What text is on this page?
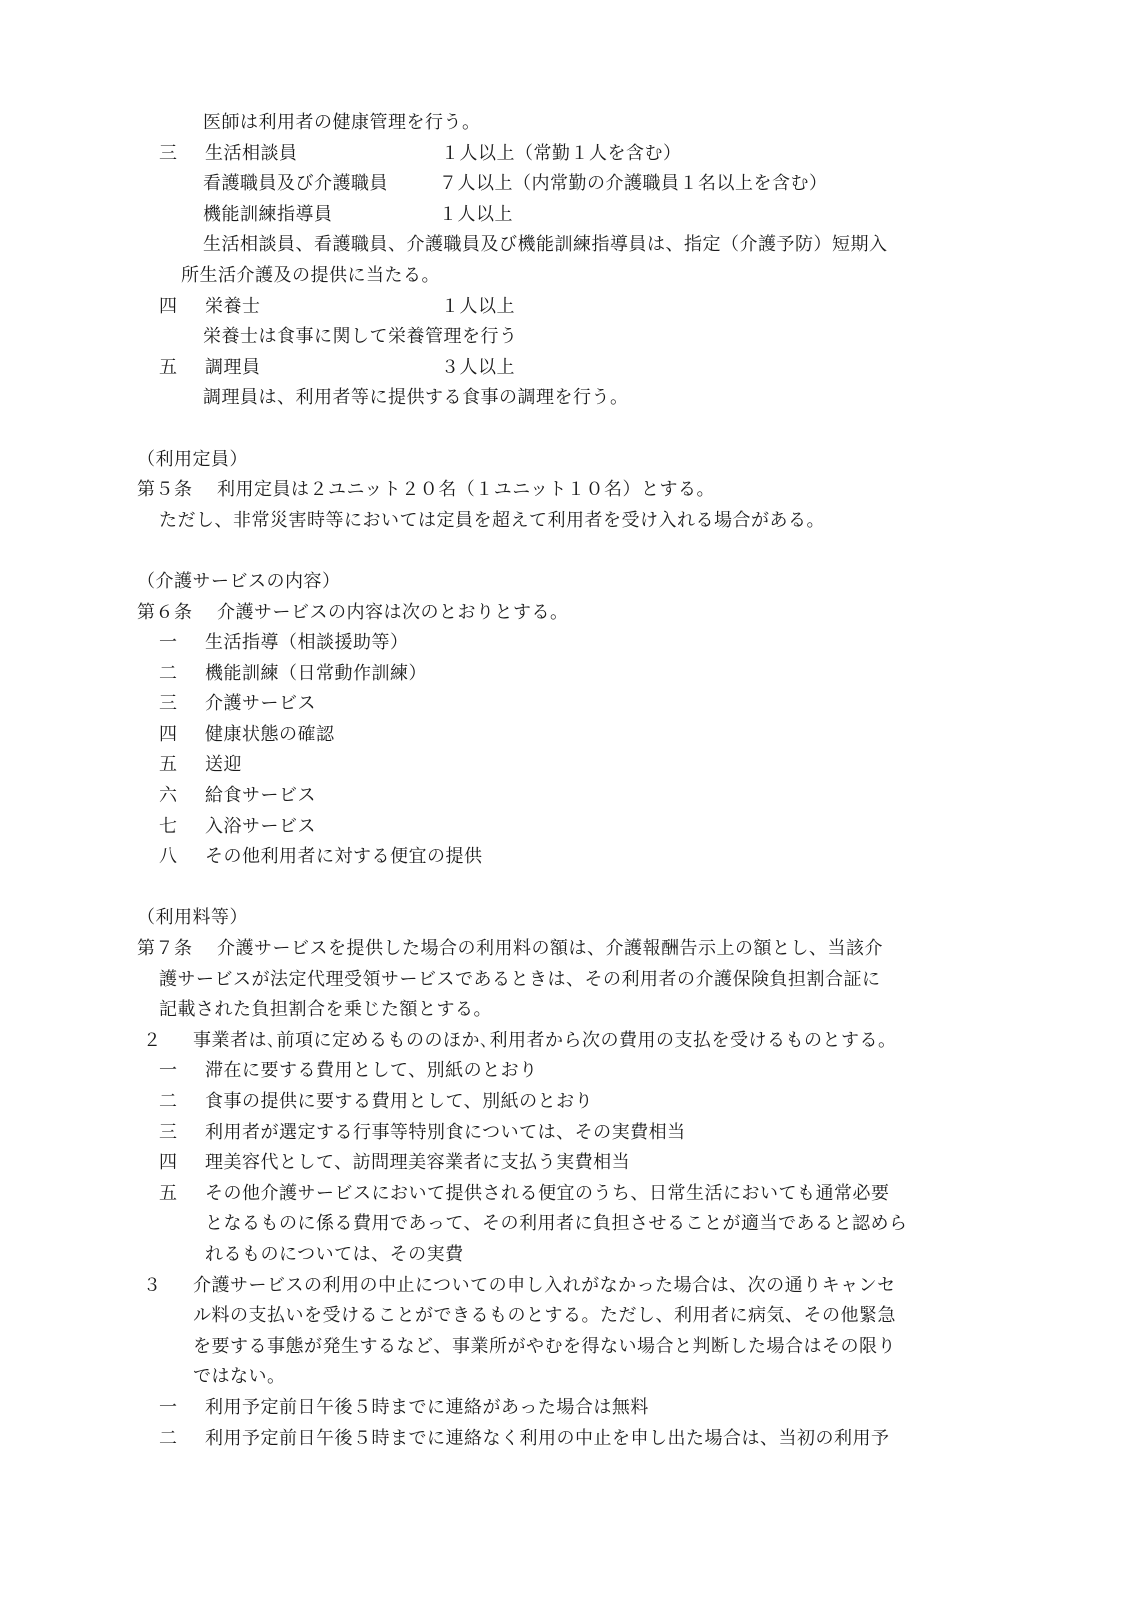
医師は利用者の健康管理を行う。
三 生活相談員	１人以上（常勤１人を含む）
看護職員及び介護職員	７人以上（内常勤の介護職員１名以上を含む）
機能訓練指導員	１人以上
生活相談員、看護職員、介護職員及び機能訓練指導員は、指定（介護予防）短期入
所生活介護及の提供に当たる。
四 栄養士	１人以上
栄養士は食事に関して栄養管理を行う
五 調理員	３人以上
調理員は、利用者等に提供する食事の調理を行う。
（利用定員）
第５条 利用定員は２ユニット２０名（１ユニット１０名）とする。
ただし、非常災害時等においては定員を超えて利用者を受け入れる場合がある。
（介護サービスの内容）
第６条 介護サービスの内容は次のとおりとする。
一 生活指導（相談援助等）
二 機能訓練（日常動作訓練）
三 介護サービス
四 健康状態の確認
五 送迎
六 給食サービス
七 入浴サービス
八 その他利用者に対する便宜の提供
（利用料等）
第７条 介護サービスを提供した場合の利用料の額は、介護報酬告示上の額とし、当該介
護サービスが法定代理受領サービスであるときは、その利用者の介護保険負担割合証に
記載された負担割合を乗じた額とする。
２ 事業者は､前項に定めるもののほか､利用者から次の費用の支払を受けるものとする。
一 滞在に要する費用として、別紙のとおり
二 食事の提供に要する費用として、別紙のとおり
三 利用者が選定する行事等特別食については、その実費相当
四 理美容代として、訪問理美容業者に支払う実費相当
五 その他介護サービスにおいて提供される便宜のうち、日常生活においても通常必要
となるものに係る費用であって、その利用者に負担させることが適当であると認めら
れるものについては、その実費
３ 介護サービスの利用の中止についての申し入れがなかった場合は、次の通りキャンセ
ル料の支払いを受けることができるものとする。ただし、利用者に病気、その他緊急
を要する事態が発生するなど、事業所がやむを得ない場合と判断した場合はその限り
ではない。
一 利用予定前日午後５時までに連絡があった場合は無料
二 利用予定前日午後５時までに連絡なく利用の中止を申し出た場合は、当初の利用予
